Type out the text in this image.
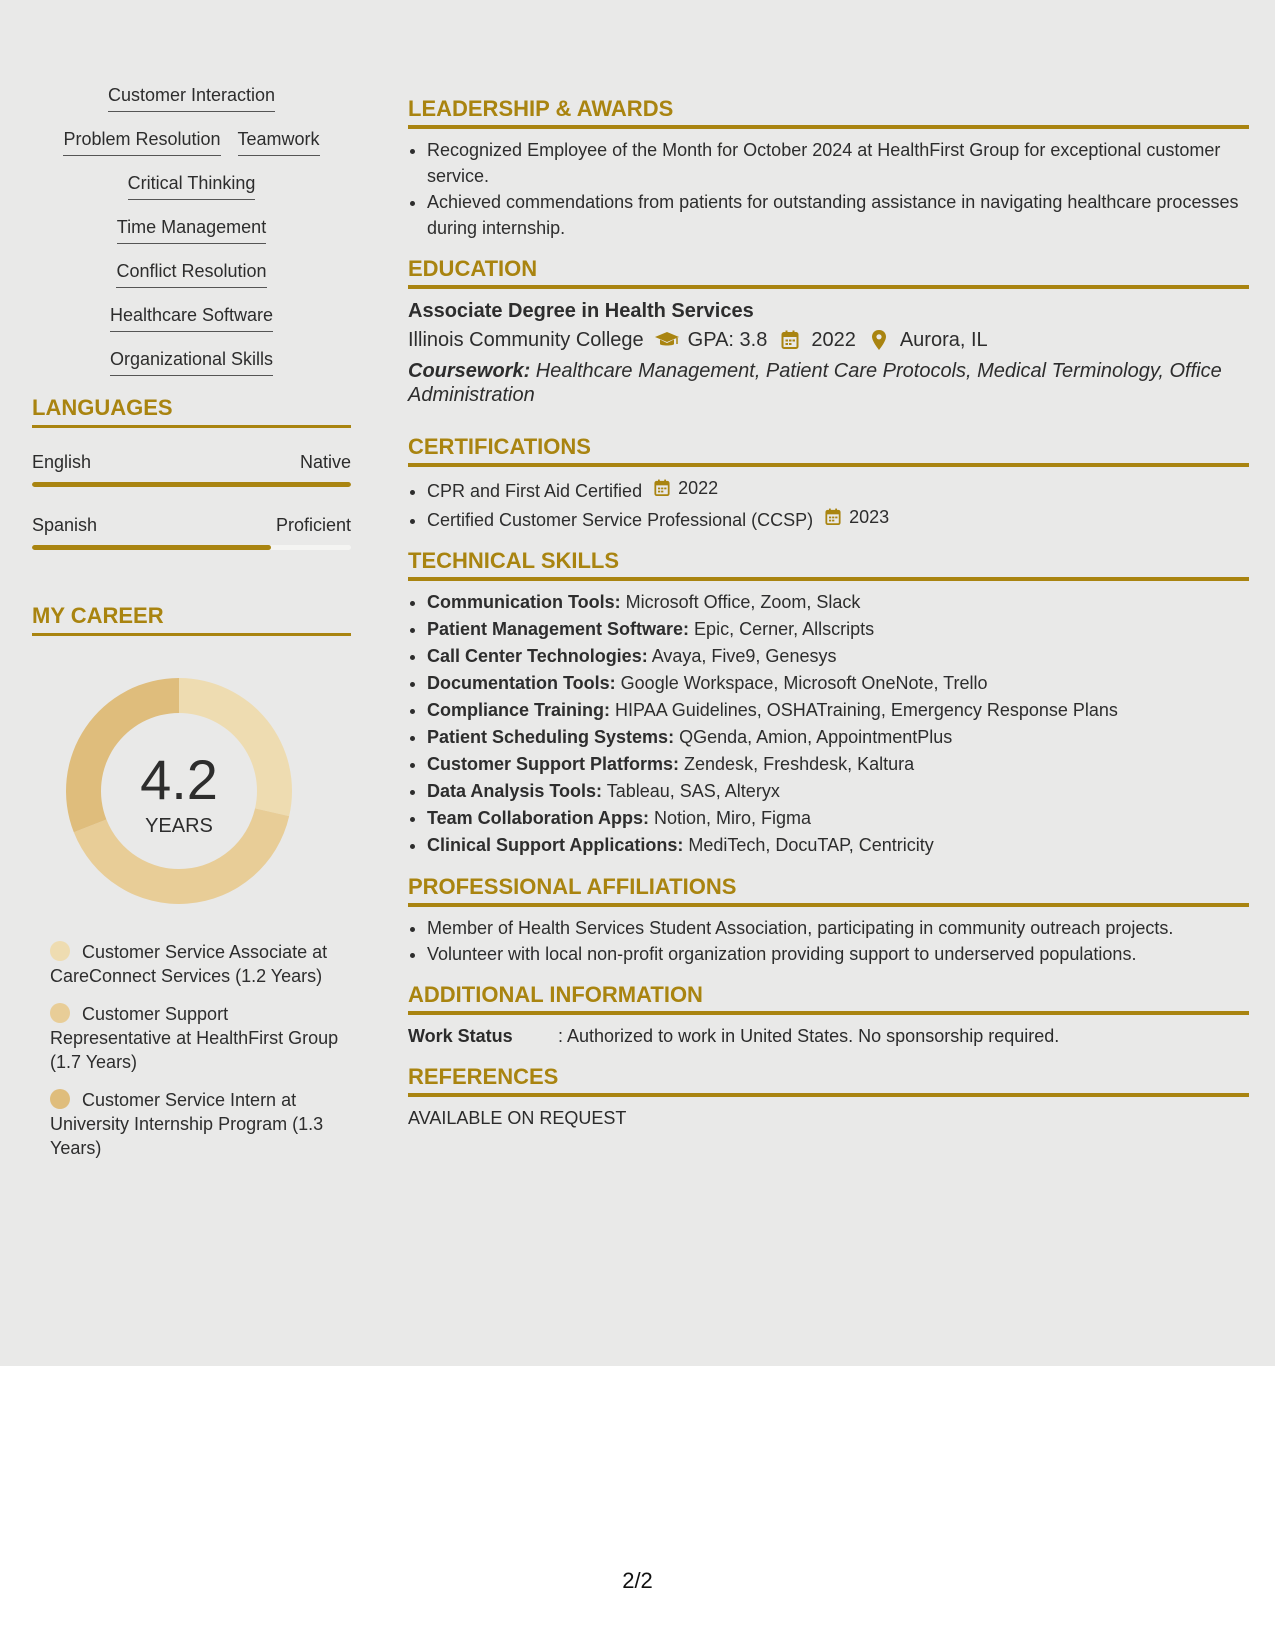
Customer Interaction
Problem Resolution Teamwork
Critical Thinking
Time Management
Conflict Resolution
Healthcare Software
Organizational Skills
LANGUAGES
English	Native
Spanish	Proficient
MY CAREER
4.2
YEARS
Customer Service Associate at CareConnect Services (1.2 Years)
Customer Support Representative at HealthFirst Group (1.7 Years)
Customer Service Intern at University Internship Program (1.3 Years)
LEADERSHIP & AWARDS
• Recognized Employee of the Month for October 2024 at HealthFirst Group for exceptional customer service.
• Achieved commendations from patients for outstanding assistance in navigating healthcare processes during internship.
EDUCATION
Associate Degree in Health Services
Illinois Community College GPA: 3.8 2022 Aurora, IL
Coursework: Healthcare Management, Patient Care Protocols, Medical Terminology, Office Administration
CERTIFICATIONS
• CPR and First Aid Certified 2022
• Certified Customer Service Professional (CCSP) 2023
TECHNICAL SKILLS
• Communication Tools: Microsoft Office, Zoom, Slack
• Patient Management Software: Epic, Cerner, Allscripts
• Call Center Technologies: Avaya, Five9, Genesys
• Documentation Tools: Google Workspace, Microsoft OneNote, Trello
• Compliance Training: HIPAA Guidelines, OSHATraining, Emergency Response Plans
• Patient Scheduling Systems: QGenda, Amion, AppointmentPlus
• Customer Support Platforms: Zendesk, Freshdesk, Kaltura
• Data Analysis Tools: Tableau, SAS, Alteryx
• Team Collaboration Apps: Notion, Miro, Figma
• Clinical Support Applications: MediTech, DocuTAP, Centricity
PROFESSIONAL AFFILIATIONS
• Member of Health Services Student Association, participating in community outreach projects.
• Volunteer with local non-profit organization providing support to underserved populations.
ADDITIONAL INFORMATION
Work Status	: Authorized to work in United States. No sponsorship required.
REFERENCES
AVAILABLE ON REQUEST
2/2
